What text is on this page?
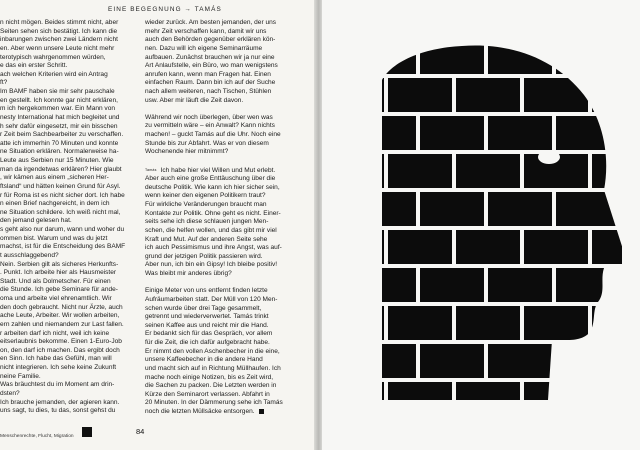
EINE BEGEGNUNG → TAMÁS

n nicht mögen. Beides stimmt nicht, aber

Seiten sehen sich bestätigt. Ich kann die

inbarungen zwischen zwei Ländern nicht

en. Aber wenn unsere Leute nicht mehr

terotypisch wahrgenommen würden,

e das ein erster Schritt.

ach welchen Kriterien wird ein Antrag

ft?

Im BAMF haben sie mir sehr pauschale

en gestellt. Ich konnte gar nicht erklären,

m ich hergekommen war. Ein Mann von

nesty International hat mich begleitet und

h sehr dafür eingesetzt, mir ein bisschen

r Zeit beim Sachbearbeiter zu verschaffen.

atte ich immerhin 70 Minuten und konnte

ne Situation erklären. Normalerweise ha-

Leute aus Serbien nur 15 Minuten. Wie

man da irgendetwas erklären? Hier glaubt

, wir kämen aus einem „sicheren Her-

ftsland“ und hätten keinen Grund für Asyl.

r für Roma ist es nicht sicher dort. Ich habe

n einen Brief nachgereicht, in dem ich

ne Situation schildere. Ich weiß nicht mal,

den jemand gelesen hat.

s geht also nur darum, wann und woher du

ommen bist. Warum und was du jetzt

machst, ist für die Entscheidung des BAMF

t ausschlaggebend?

Nein. Serbien gilt als sicheres Herkunfts-

. Punkt. Ich arbeite hier als Hausmeister

Stadt. Und als Dolmetscher. Für einen

die Stunde. Ich gebe Seminare für ande-

oma und arbeite viel ehrenamtlich. Wir

den doch gebraucht. Nicht nur Ärzte, auch

ache Leute, Arbeiter. Wir wollen arbeiten,

ern zahlen und niemandem zur Last fallen.

r arbeiten darf ich nicht, weil ich keine

eitserlaubnis bekomme. Einen 1-Euro-Job

on, den darf ich machen. Das ergibt doch

en Sinn. Ich habe das Gefühl, man will

nicht integrieren. Ich sehe keine Zukunft

neine Familie.

Was bräuchtest du im Moment am drin-

dsten?

Ich brauche jemanden, der agieren kann.

uns sagt, tu dies, tu das, sonst gehst du

wieder zurück. Am besten jemanden, der uns

mehr Zeit verschaffen kann, damit wir uns

auch den Behörden gegenüber erklären kön-

nen. Dazu will ich eigene Seminarräume

aufbauen. Zunächst brauchen wir ja nur eine

Art Anlaufstelle, ein Büro, wo man wenigstens

anrufen kann, wenn man Fragen hat. Einen

einfachen Raum. Dann bin ich auf der Suche

nach allem weiteren, nach Tischen, Stühlen

usw. Aber mir läuft die Zeit davon.

Während wir noch überlegen, über wen was

zu vermitteln wäre – ein Anwalt? Kann nichts

machen! – guckt Tamás auf die Uhr. Noch eine

Stunde bis zur Abfahrt. Was er von diesem

Wochenende hier mitnimmt?

Tamás Ich habe hier viel Willen und Mut erlebt.

Aber auch eine große Enttäuschung über die

deutsche Politik. Wie kann ich hier sicher sein,

wenn keiner den eigenen Politikern traut?

Für wirkliche Veränderungen braucht man

Kontakte zur Politik. Ohne geht es nicht. Einer-

seits sehe ich diese schlauen jungen Men-

schen, die helfen wollen, und das gibt mir viel

Kraft und Mut. Auf der anderen Seite sehe

ich auch Pessimismus und ihre Angst, was auf-

grund der jetzigen Politik passieren wird.

Aber nun, ich bin ein Gipsy! Ich bleibe positiv!

Was bleibt mir anderes übrig?

Einige Meter von uns entfernt finden letzte

Aufräumarbeiten statt. Der Müll von 120 Men-

schen wurde über drei Tage gesammelt,

getrennt und wiederverwertet. Tamás trinkt

seinen Kaffee aus und reicht mir die Hand.

Er bedankt sich für das Gespräch, vor allem

für die Zeit, die ich dafür aufgebracht habe.

Er nimmt den vollen Aschenbecher in die eine,

unsere Kaffeebecher in die andere Hand

und macht sich auf in Richtung Müllhaufen. Ich

mache noch einige Notizen, bis es Zeit wird,

die Sachen zu packen. Die Letzten werden in

Kürze den Seminarort verlassen. Abfahrt in

20 Minuten. In der Dämmerung sehe ich Tamás

noch die letzten Müllsäcke entsorgen.

Menschenrechte, Flucht, Migration
84
